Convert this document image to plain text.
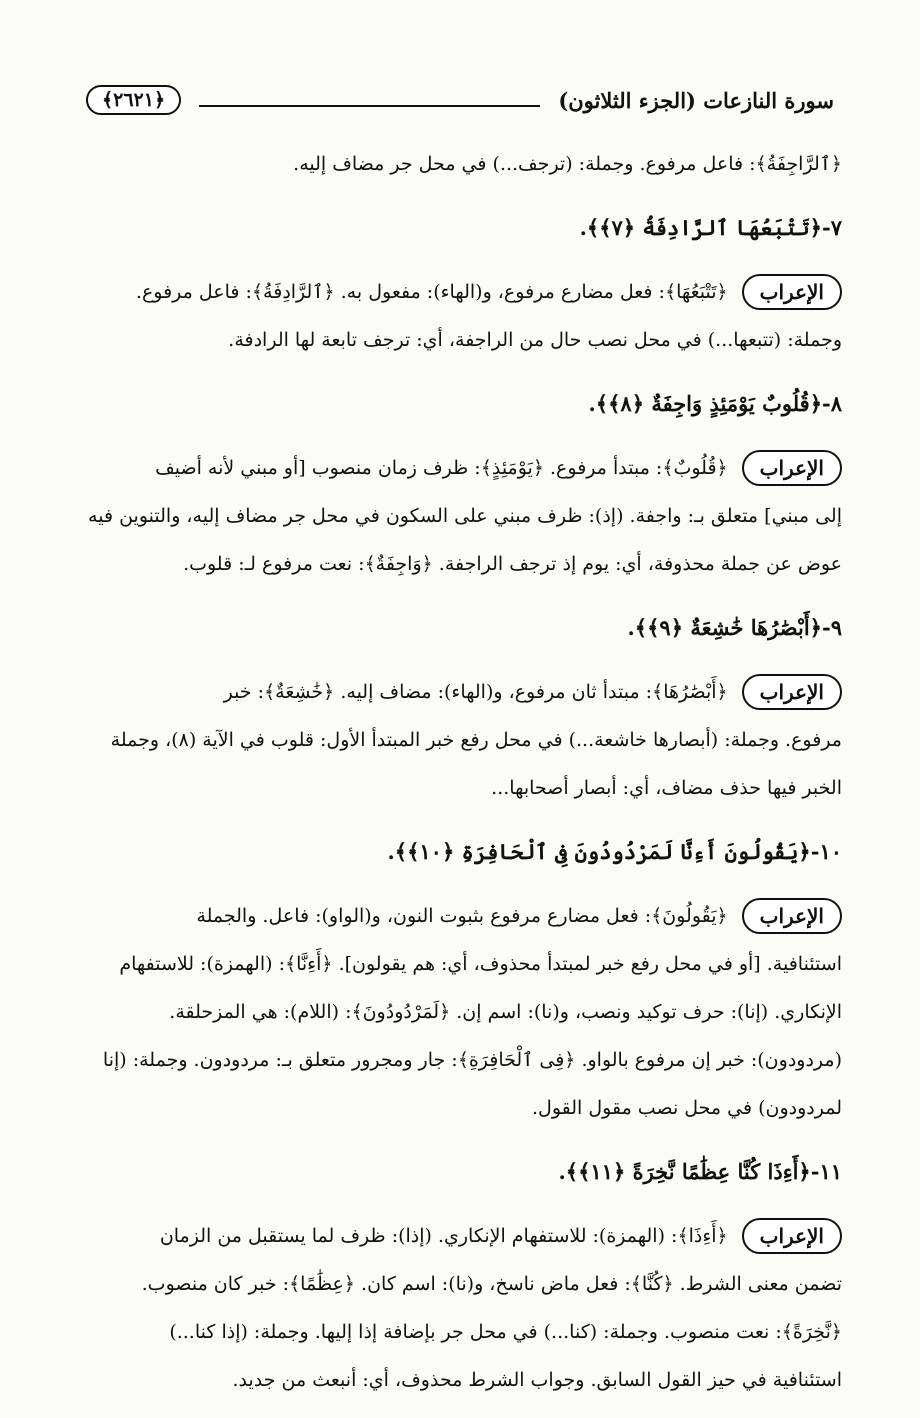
سورة النازعات (الجزء الثلاثون)
﴿٢٦٢١﴾
﴿ٱلرَّاجِفَةُ﴾: فاعل مرفوع. وجملة: (ترجف...) في محل جر مضاف إليه.
٧-﴿تَتْبَعُهَا ٱلرَّادِفَةُ ﴿٧﴾﴾.
الإعراب
﴿تَتْبَعُهَا﴾: فعل مضارع مرفوع، و(الهاء): مفعول به. ﴿ٱلرَّادِفَةُ﴾: فاعل مرفوع.
وجملة: (تتبعها...) في محل نصب حال من الراجفة، أي: ترجف تابعة لها الرادفة.
٨-﴿قُلُوبٌ يَوْمَئِذٍ وَاجِفَةٌ ﴿٨﴾﴾.
الإعراب
﴿قُلُوبٌ﴾: مبتدأ مرفوع. ﴿يَوْمَئِذٍ﴾: ظرف زمان منصوب [أو مبني لأنه أضيف
إلى مبني] متعلق بـ: واجفة. (إذ): ظرف مبني على السكون في محل جر مضاف إليه، والتنوين فيه
عوض عن جملة محذوفة، أي: يوم إذ ترجف الراجفة. ﴿وَاجِفَةٌ﴾: نعت مرفوع لـ: قلوب.
٩-﴿أَبْصَٰرُهَا خَٰشِعَةٌ ﴿٩﴾﴾.
الإعراب
﴿أَبْصَٰرُهَا﴾: مبتدأ ثان مرفوع، و(الهاء): مضاف إليه. ﴿خَٰشِعَةٌ﴾: خبر
مرفوع. وجملة: (أبصارها خاشعة...) في محل رفع خبر المبتدأ الأول: قلوب في الآية (٨)، وجملة
الخبر فيها حذف مضاف، أي: أبصار أصحابها...
١٠-﴿يَقُولُونَ أَءِنَّا لَمَرْدُودُونَ فِى ٱلْحَافِرَةِ ﴿١٠﴾﴾.
الإعراب
﴿يَقُولُونَ﴾: فعل مضارع مرفوع بثبوت النون، و(الواو): فاعل. والجملة
استئنافية. [أو في محل رفع خبر لمبتدأ محذوف، أي: هم يقولون]. ﴿أَءِنَّا﴾: (الهمزة): للاستفهام
الإنكاري. (إنا): حرف توكيد ونصب، و(نا): اسم إن. ﴿لَمَرْدُودُونَ﴾: (اللام): هي المزحلقة.
(مردودون): خبر إن مرفوع بالواو. ﴿فِى ٱلْحَافِرَةِ﴾: جار ومجرور متعلق بـ: مردودون. وجملة: (إنا
لمردودون) في محل نصب مقول القول.
١١-﴿أَءِذَا كُنَّا عِظَٰمًا نَّخِرَةً ﴿١١﴾﴾.
الإعراب
﴿أَءِذَا﴾: (الهمزة): للاستفهام الإنكاري. (إذا): ظرف لما يستقبل من الزمان
تضمن معنى الشرط. ﴿كُنَّا﴾: فعل ماض ناسخ، و(نا): اسم كان. ﴿عِظَٰمًا﴾: خبر كان منصوب.
﴿نَّخِرَةً﴾: نعت منصوب. وجملة: (كنا...) في محل جر بإضافة إذا إليها. وجملة: (إذا كنا...)
استئنافية في حيز القول السابق. وجواب الشرط محذوف، أي: أنبعث من جديد.
